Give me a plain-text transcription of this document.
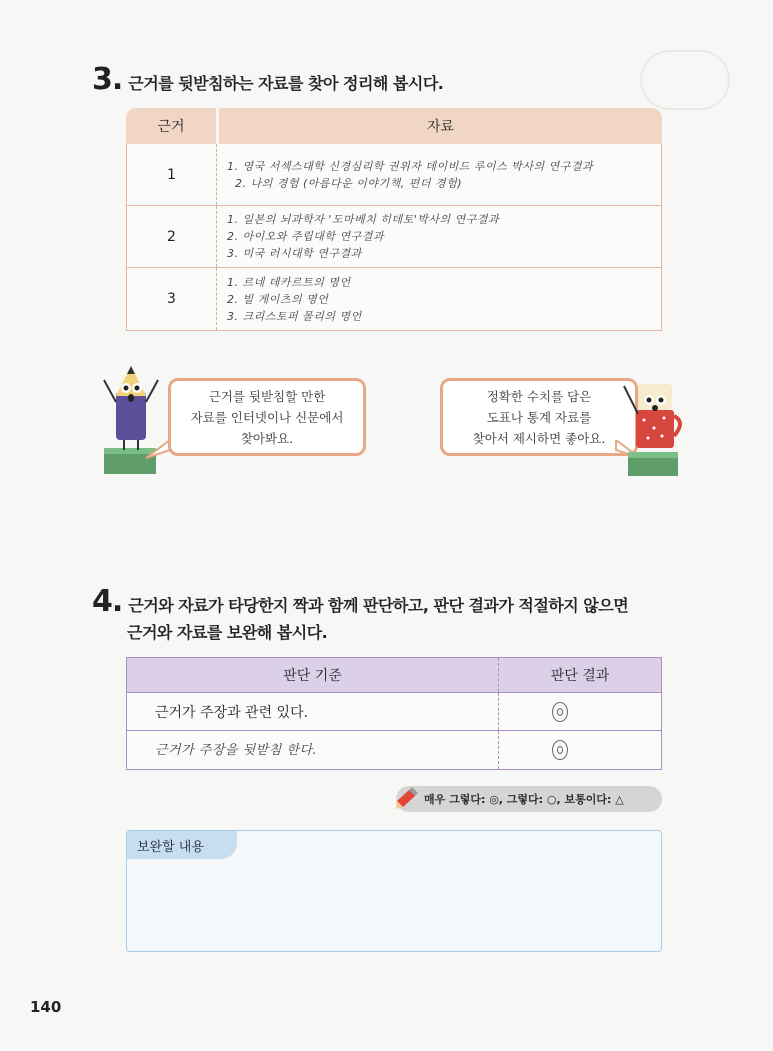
3. 근거를 뒷받침하는 자료를 찾아 정리해 봅시다.
근거	자료
1
1. 영국 서섹스대학 신경심리학 권위자 데이비드 루이스 박사의 연구결과
2. 나의 경험 (아름다운 이야기책, 편더 경험)
2
1. 일본의 뇌과학자 '도마베치 히데토'박사의 연구결과
2. 아이오와 주립대학 연구결과
3. 미국 러시대학 연구결과
3
1. 르네 데카르트의 명언
2. 빌 게이츠의 명언
3. 크리스토퍼 몰리의 명언
근거를 뒷받침할 만한
자료를 인터넷이나 신문에서
찾아봐요.
정확한 수치를 담은
도표나 통계 자료를
찾아서 제시하면 좋아요.
4. 근거와 자료가 타당한지 짝과 함께 판단하고, 판단 결과가 적절하지 않으면
근거와 자료를 보완해 봅시다.
판단 기준	판단 결과
근거가 주장과 관련 있다.
근거가 주장을 뒷받침 한다.
매우 그렇다: ◎, 그렇다: ○, 보통이다: △
보완할 내용
140
